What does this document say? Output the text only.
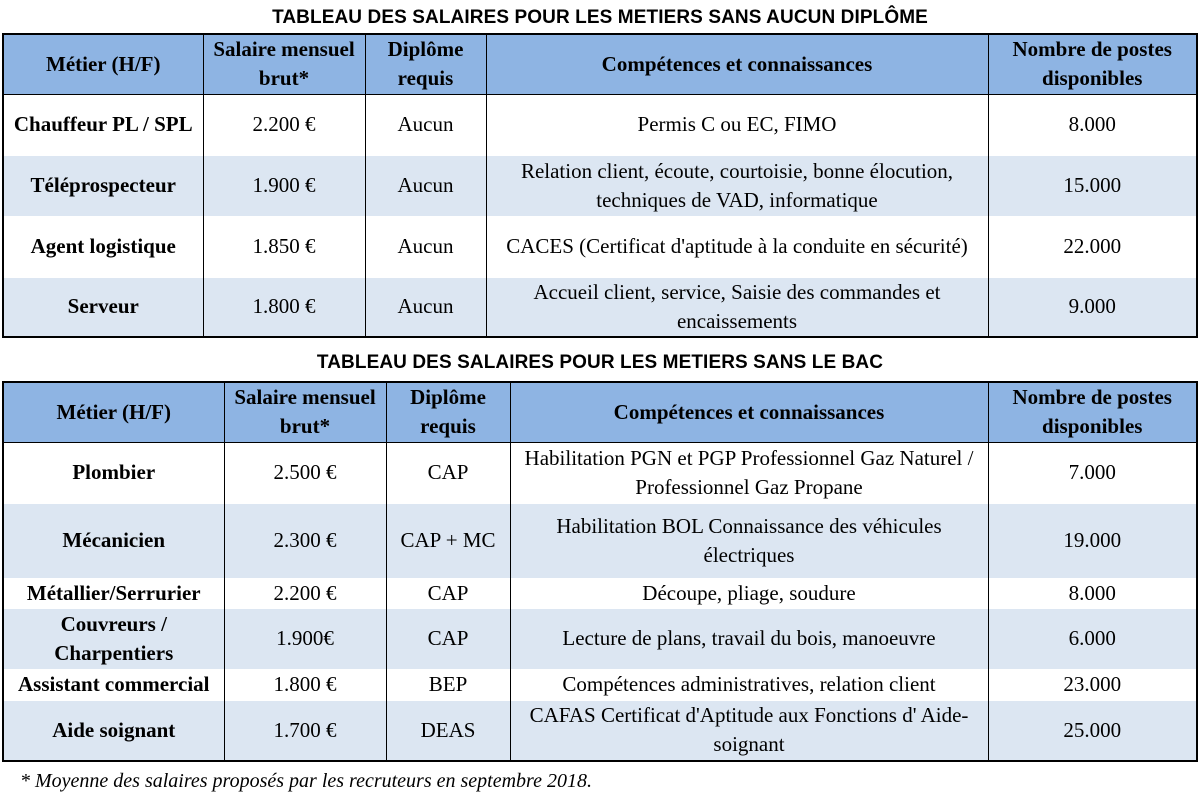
TABLEAU DES SALAIRES POUR LES METIERS SANS AUCUN DIPLÔME
Métier (H/F)	Salaire mensuel brut*	Diplôme requis	Compétences et connaissances	Nombre de postes disponibles
Chauffeur PL / SPL	2.200 €	Aucun	Permis C ou EC, FIMO	8.000
Téléprospecteur	1.900 €	Aucun	Relation client, écoute, courtoisie, bonne élocution, techniques de VAD, informatique	15.000
Agent logistique	1.850 €	Aucun	CACES (Certificat d'aptitude à la conduite en sécurité)	22.000
Serveur	1.800 €	Aucun	Accueil client, service, Saisie des commandes et encaissements	9.000
TABLEAU DES SALAIRES POUR LES METIERS SANS LE BAC
Métier (H/F)	Salaire mensuel brut*	Diplôme requis	Compétences et connaissances	Nombre de postes disponibles
Plombier	2.500 €	CAP	Habilitation PGN et PGP Professionnel Gaz Naturel / Professionnel Gaz Propane	7.000
Mécanicien	2.300 €	CAP + MC	Habilitation BOL Connaissance des véhicules électriques	19.000
Métallier/Serrurier	2.200 €	CAP	Découpe, pliage, soudure	8.000
Couvreurs / Charpentiers	1.900€	CAP	Lecture de plans, travail du bois, manoeuvre	6.000
Assistant commercial	1.800 €	BEP	Compétences administratives, relation client	23.000
Aide soignant	1.700 €	DEAS	CAFAS Certificat d'Aptitude aux Fonctions d' Aide-soignant	25.000
* Moyenne des salaires proposés par les recruteurs en septembre 2018.
